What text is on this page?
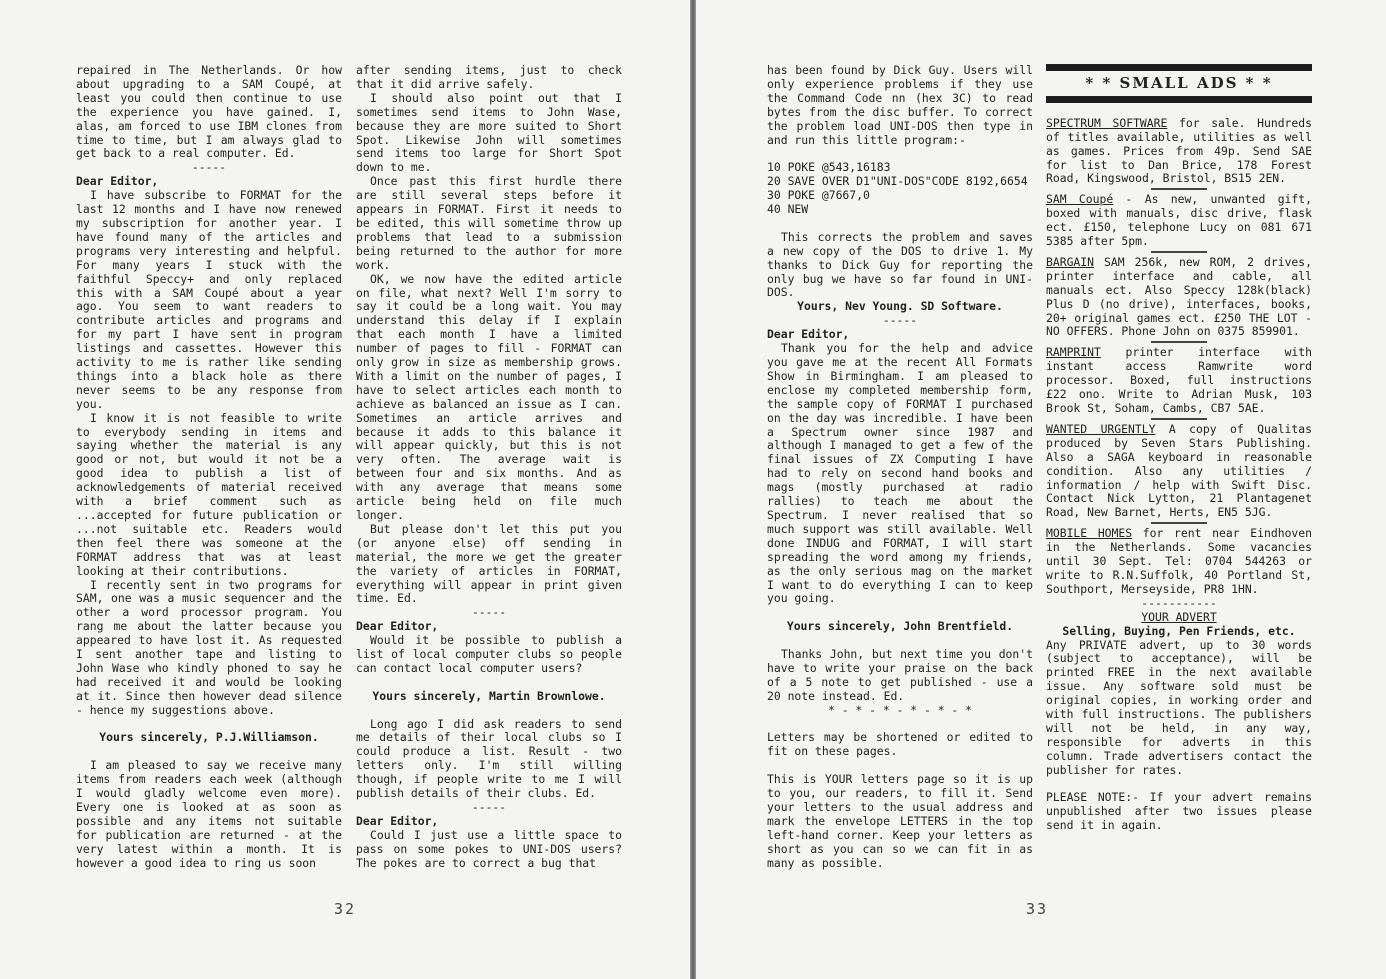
repaired in The Netherlands. Or how about upgrading to a SAM Coupé, at least you could then continue to use the experience you have gained. I, alas, am forced to use IBM clones from time to time, but I am always glad to get back to a real computer. Ed.

-----

Dear Editor,

I have subscribe to FORMAT for the last 12 months and I have now renewed my subscription for another year. I have found many of the articles and programs very interesting and helpful. For many years I stuck with the faithful Speccy+ and only replaced this with a SAM Coupé about a year ago. You seem to want readers to contribute articles and programs and for my part I have sent in program listings and cassettes. However this activity to me is rather like sending things into a black hole as there never seems to be any response from you.

I know it is not feasible to write to everybody sending in items and saying whether the material is any good or not, but would it not be a good idea to publish a list of acknowledgements of material received with a brief comment such as ...accepted for future publication or ...not suitable etc. Readers would then feel there was someone at the FORMAT address that was at least looking at their contributions.

I recently sent in two programs for SAM, one was a music sequencer and the other a word processor program. You rang me about the latter because you appeared to have lost it. As requested I sent another tape and listing to John Wase who kindly phoned to say he had received it and would be looking at it. Since then however dead silence - hence my suggestions above.

Yours sincerely, P.J.Williamson.

I am pleased to say we receive many items from readers each week (although I would gladly welcome even more). Every one is looked at as soon as possible and any items not suitable for publication are returned - at the very latest within a month. It is however a good idea to ring us soon

after sending items, just to check that it did arrive safely.

I should also point out that I sometimes send items to John Wase, because they are more suited to Short Spot. Likewise John will sometimes send items too large for Short Spot down to me.

Once past this first hurdle there are still several steps before it appears in FORMAT. First it needs to be edited, this will sometime throw up problems that lead to a submission being returned to the author for more work.

OK, we now have the edited article on file, what next? Well I'm sorry to say it could be a long wait. You may understand this delay if I explain that each month I have a limited number of pages to fill - FORMAT can only grow in size as membership grows. With a limit on the number of pages, I have to select articles each month to achieve as balanced an issue as I can. Sometimes an article arrives and because it adds to this balance it will appear quickly, but this is not very often. The average wait is between four and six months. And as with any average that means some article being held on file much longer.

But please don't let this put you (or anyone else) off sending in material, the more we get the greater the variety of articles in FORMAT, everything will appear in print given time. Ed.

-----

Dear Editor,

Would it be possible to publish a list of local computer clubs so people can contact local computer users?

Yours sincerely, Martin Brownlowe.

Long ago I did ask readers to send me details of their local clubs so I could produce a list. Result - two letters only. I'm still willing though, if people write to me I will publish details of their clubs. Ed.

-----

Dear Editor,

Could I just use a little space to pass on some pokes to UNI-DOS users? The pokes are to correct a bug that

32

has been found by Dick Guy. Users will only experience problems if they use the Command Code nn (hex 3C) to read bytes from the disc buffer. To correct the problem load UNI-DOS then type in and run this little program:-

10 POKE @543,16183

20 SAVE OVER D1"UNI-DOS"CODE 8192,6654

30 POKE @7667,0

40 NEW

This corrects the problem and saves a new copy of the DOS to drive 1. My thanks to Dick Guy for reporting the only bug we have so far found in UNI-DOS.

Yours, Nev Young. SD Software.

-----

Dear Editor,

Thank you for the help and advice you gave me at the recent All Formats Show in Birmingham. I am pleased to enclose my completed membership form, the sample copy of FORMAT I purchased on the day was incredible. I have been a Spectrum owner since 1987 and although I managed to get a few of the final issues of ZX Computing I have had to rely on second hand books and mags (mostly purchased at radio rallies) to teach me about the Spectrum. I never realised that so much support was still available. Well done INDUG and FORMAT, I will start spreading the word among my friends, as the only serious mag on the market I want to do everything I can to keep you going.

Yours sincerely, John Brentfield.

Thanks John, but next time you don't have to write your praise on the back of a 5 note to get published - use a 20 note instead. Ed.

* - * - * - * - * - *

Letters may be shortened or edited to fit on these pages.

This is YOUR letters page so it is up to you, our readers, to fill it. Send your letters to the usual address and mark the envelope LETTERS in the top left-hand corner. Keep your letters as short as you can so we can fit in as many as possible.

* * SMALL ADS * *

SPECTRUM SOFTWARE for sale. Hundreds of titles available, utilities as well as games. Prices from 49p. Send SAE for list to Dan Brice, 178 Forest Road, Kingswood, Bristol, BS15 2EN.

SAM Coupé - As new, unwanted gift, boxed with manuals, disc drive, flask ect. £150, telephone Lucy on 081 671 5385 after 5pm.

BARGAIN SAM 256k, new ROM, 2 drives, printer interface and cable, all manuals ect. Also Speccy 128k(black) Plus D (no drive), interfaces, books, 20+ original games ect. £250 THE LOT - NO OFFERS. Phone John on 0375 859901.

RAMPRINT printer interface with instant access Ramwrite word processor. Boxed, full instructions £22 ono. Write to Adrian Musk, 103 Brook St, Soham, Cambs, CB7 5AE.

WANTED URGENTLY A copy of Qualitas produced by Seven Stars Publishing. Also a SAGA keyboard in reasonable condition. Also any utilities / information / help with Swift Disc. Contact Nick Lytton, 21 Plantagenet Road, New Barnet, Herts, EN5 5JG.

MOBILE HOMES for rent near Eindhoven in the Netherlands. Some vacancies until 30 Sept. Tel: 0704 544263 or write to R.N.Suffolk, 40 Portland St, Southport, Merseyside, PR8 1HN.

-----------

YOUR ADVERT

Selling, Buying, Pen Friends, etc.

Any PRIVATE advert, up to 30 words (subject to acceptance), will be printed FREE in the next available issue. Any software sold must be original copies, in working order and with full instructions. The publishers will not be held, in any way, responsible for adverts in this column. Trade advertisers contact the publisher for rates.

PLEASE NOTE:- If your advert remains unpublished after two issues please send it in again.

33
